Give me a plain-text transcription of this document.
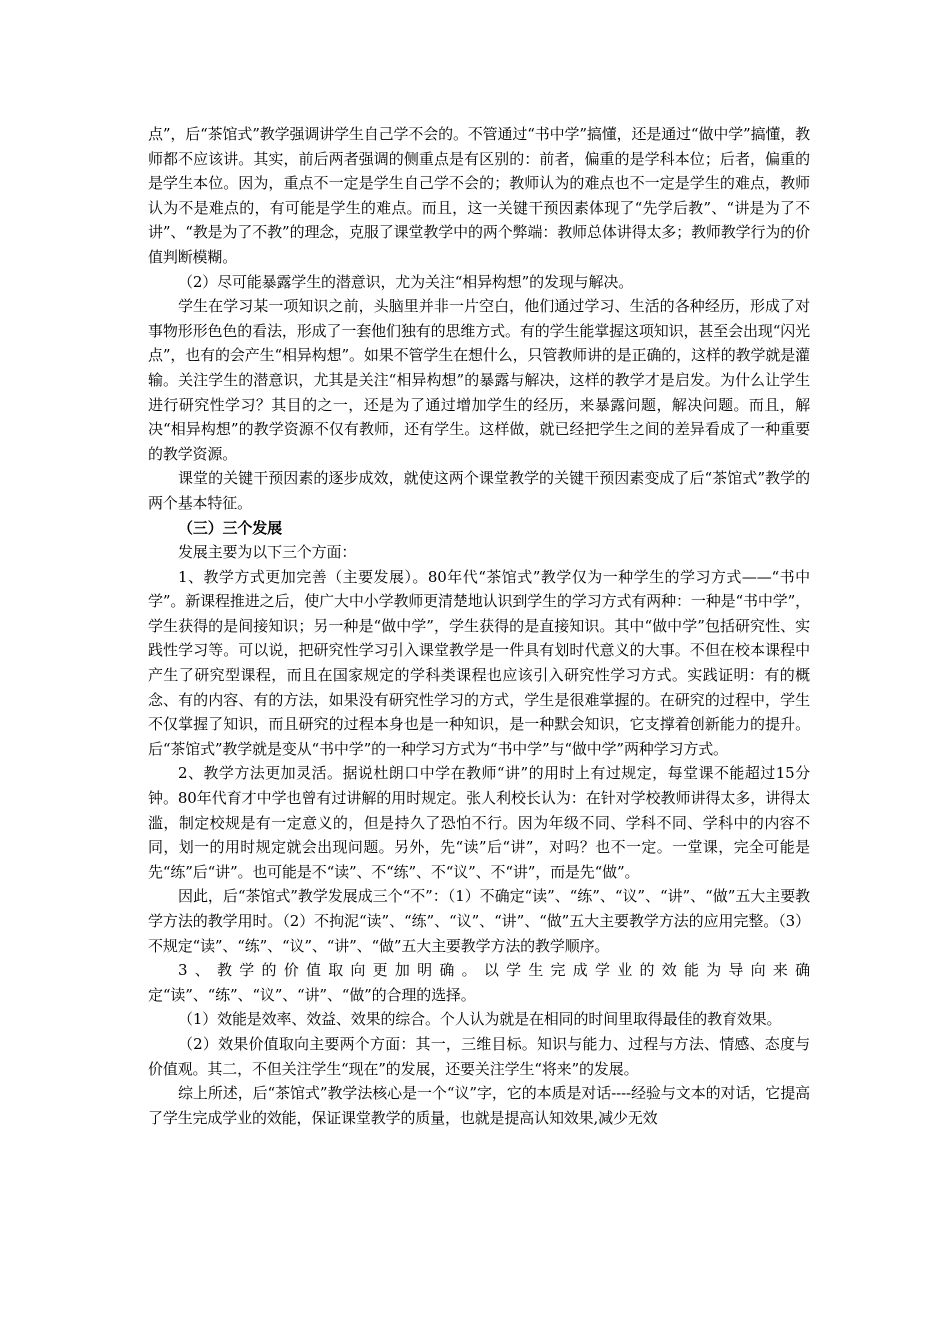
点”，后“茶馆式”教学强调讲学生自己学不会的。不管通过“书中学”搞懂，还是通过“做中学”搞懂，教师都不应该讲。其实，前后两者强调的侧重点是有区别的：前者，偏重的是学科本位；后者，偏重的是学生本位。因为，重点不一定是学生自己学不会的；教师认为的难点也不一定是学生的难点，教师认为不是难点的，有可能是学生的难点。而且，这一关键干预因素体现了“先学后教”、“讲是为了不讲”、“教是为了不教”的理念，克服了课堂教学中的两个弊端：教师总体讲得太多；教师教学行为的价值判断模糊。

（2）尽可能暴露学生的潜意识，尤为关注“相异构想”的发现与解决。

学生在学习某一项知识之前，头脑里并非一片空白，他们通过学习、生活的各种经历，形成了对事物形形色色的看法，形成了一套他们独有的思维方式。有的学生能掌握这项知识，甚至会出现“闪光点”，也有的会产生“相异构想”。如果不管学生在想什么，只管教师讲的是正确的，这样的教学就是灌输。关注学生的潜意识，尤其是关注“相异构想”的暴露与解决，这样的教学才是启发。为什么让学生进行研究性学习？其目的之一，还是为了通过增加学生的经历，来暴露问题，解决问题。而且，解决“相异构想”的教学资源不仅有教师，还有学生。这样做，就已经把学生之间的差异看成了一种重要的教学资源。

课堂的关键干预因素的逐步成效，就使这两个课堂教学的关键干预因素变成了后“茶馆式”教学的两个基本特征。

（三）三个发展

发展主要为以下三个方面：

1、教学方式更加完善（主要发展）。80年代“茶馆式”教学仅为一种学生的学习方式——“书中学”。新课程推进之后，使广大中小学教师更清楚地认识到学生的学习方式有两种：一种是“书中学”，学生获得的是间接知识；另一种是“做中学”，学生获得的是直接知识。其中“做中学”包括研究性、实践性学习等。可以说，把研究性学习引入课堂教学是一件具有划时代意义的大事。不但在校本课程中产生了研究型课程，而且在国家规定的学科类课程也应该引入研究性学习方式。实践证明：有的概念、有的内容、有的方法，如果没有研究性学习的方式，学生是很难掌握的。在研究的过程中，学生不仅掌握了知识，而且研究的过程本身也是一种知识，是一种默会知识，它支撑着创新能力的提升。后“茶馆式”教学就是变从“书中学”的一种学习方式为“书中学”与“做中学”两种学习方式。

2、教学方法更加灵活。据说杜朗口中学在教师“讲”的用时上有过规定，每堂课不能超过15分钟。80年代育才中学也曾有过讲解的用时规定。张人利校长认为：在针对学校教师讲得太多，讲得太滥，制定校规是有一定意义的，但是持久了恐怕不行。因为年级不同、学科不同、学科中的内容不同，划一的用时规定就会出现问题。另外，先“读”后“讲”，对吗？也不一定。一堂课，完全可能是先“练”后“讲”。也可能是不“读”、不“练”、不“议”、不“讲”，而是先“做”。

因此，后“茶馆式”教学发展成三个“不”：（1）不确定“读”、“练”、“议”、“讲”、“做”五大主要教学方法的教学用时。（2）不拘泥“读”、“练”、“议”、“讲”、“做”五大主要教学方法的应用完整。（3）不规定“读”、“练”、“议”、“讲”、“做”五大主要教学方法的教学顺序。

3、教学的价值取向更加明确。以学生完成学业的效能为导向来确定“读”、“练”、“议”、“讲”、“做”的合理的选择。

（1）效能是效率、效益、效果的综合。个人认为就是在相同的时间里取得最佳的教育效果。

（2）效果价值取向主要两个方面：其一，三维目标。知识与能力、过程与方法、情感、态度与价值观。其二，不但关注学生“现在”的发展，还要关注学生“将来”的发展。

综上所述，后“茶馆式”教学法核心是一个“议”字，它的本质是对话----经验与文本的对话，它提高了学生完成学业的效能，保证课堂教学的质量，也就是提高认知效果,减少无效
